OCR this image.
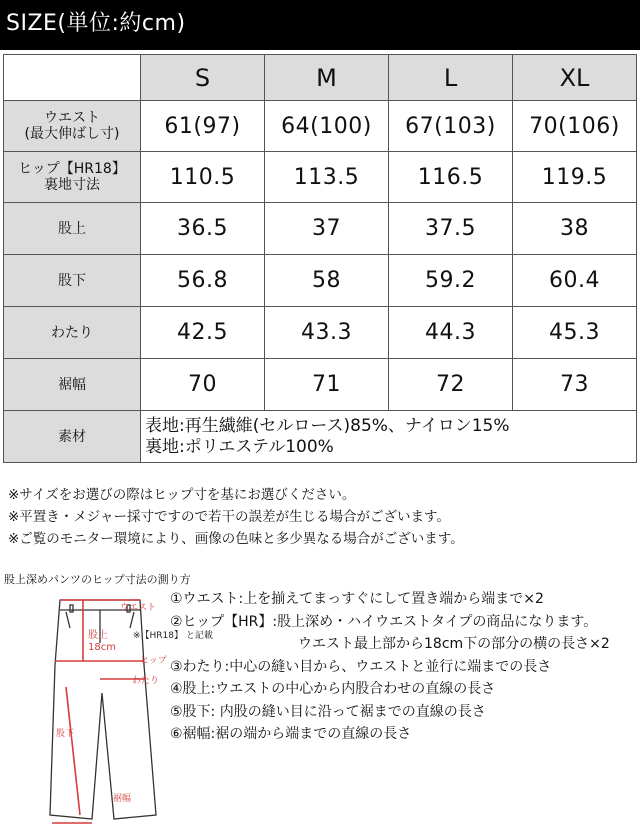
SIZE(単位:約cm)
	S	M	L	XL

ウエスト
(最大伸ばし寸)	61(97)	64(100)	67(103)	70(106)

ヒップ【HR18】
裏地寸法	110.5	113.5	116.5	119.5
股上	36.5	37	37.5	38
股下	56.8	58	59.2	60.4
わたり	42.5	43.3	44.3	45.3
裾幅	70	71	72	73
素材	表地:再生繊維(セルロース)85%、ナイロン15%
裏地:ポリエステル100%			
※サイズをお選びの際はヒップ寸を基にお選びください。
※平置き・メジャー採寸ですので若干の誤差が生じる場合がございます。
※ご覧のモニター環境により、画像の色味と多少異なる場合がございます。
股上深めパンツのヒップ寸法の測り方
ウエスト
股上
18cm
ヒップ
わたり
股下
裾幅
※【HR18】 と記載
①ウエスト:上を揃えてまっすぐにして置き端から端まで×2
②ヒップ【HR】:股上深め・ハイウエストタイプの商品になります。
ウエスト最上部から18cm下の部分の横の長さ×2
③わたり:中心の縫い目から、ウエストと並行に端までの長さ
④股上:ウエストの中心から内股合わせの直線の長さ
⑤股下: 内股の縫い目に沿って裾までの直線の長さ
⑥裾幅:裾の端から端までの直線の長さ
